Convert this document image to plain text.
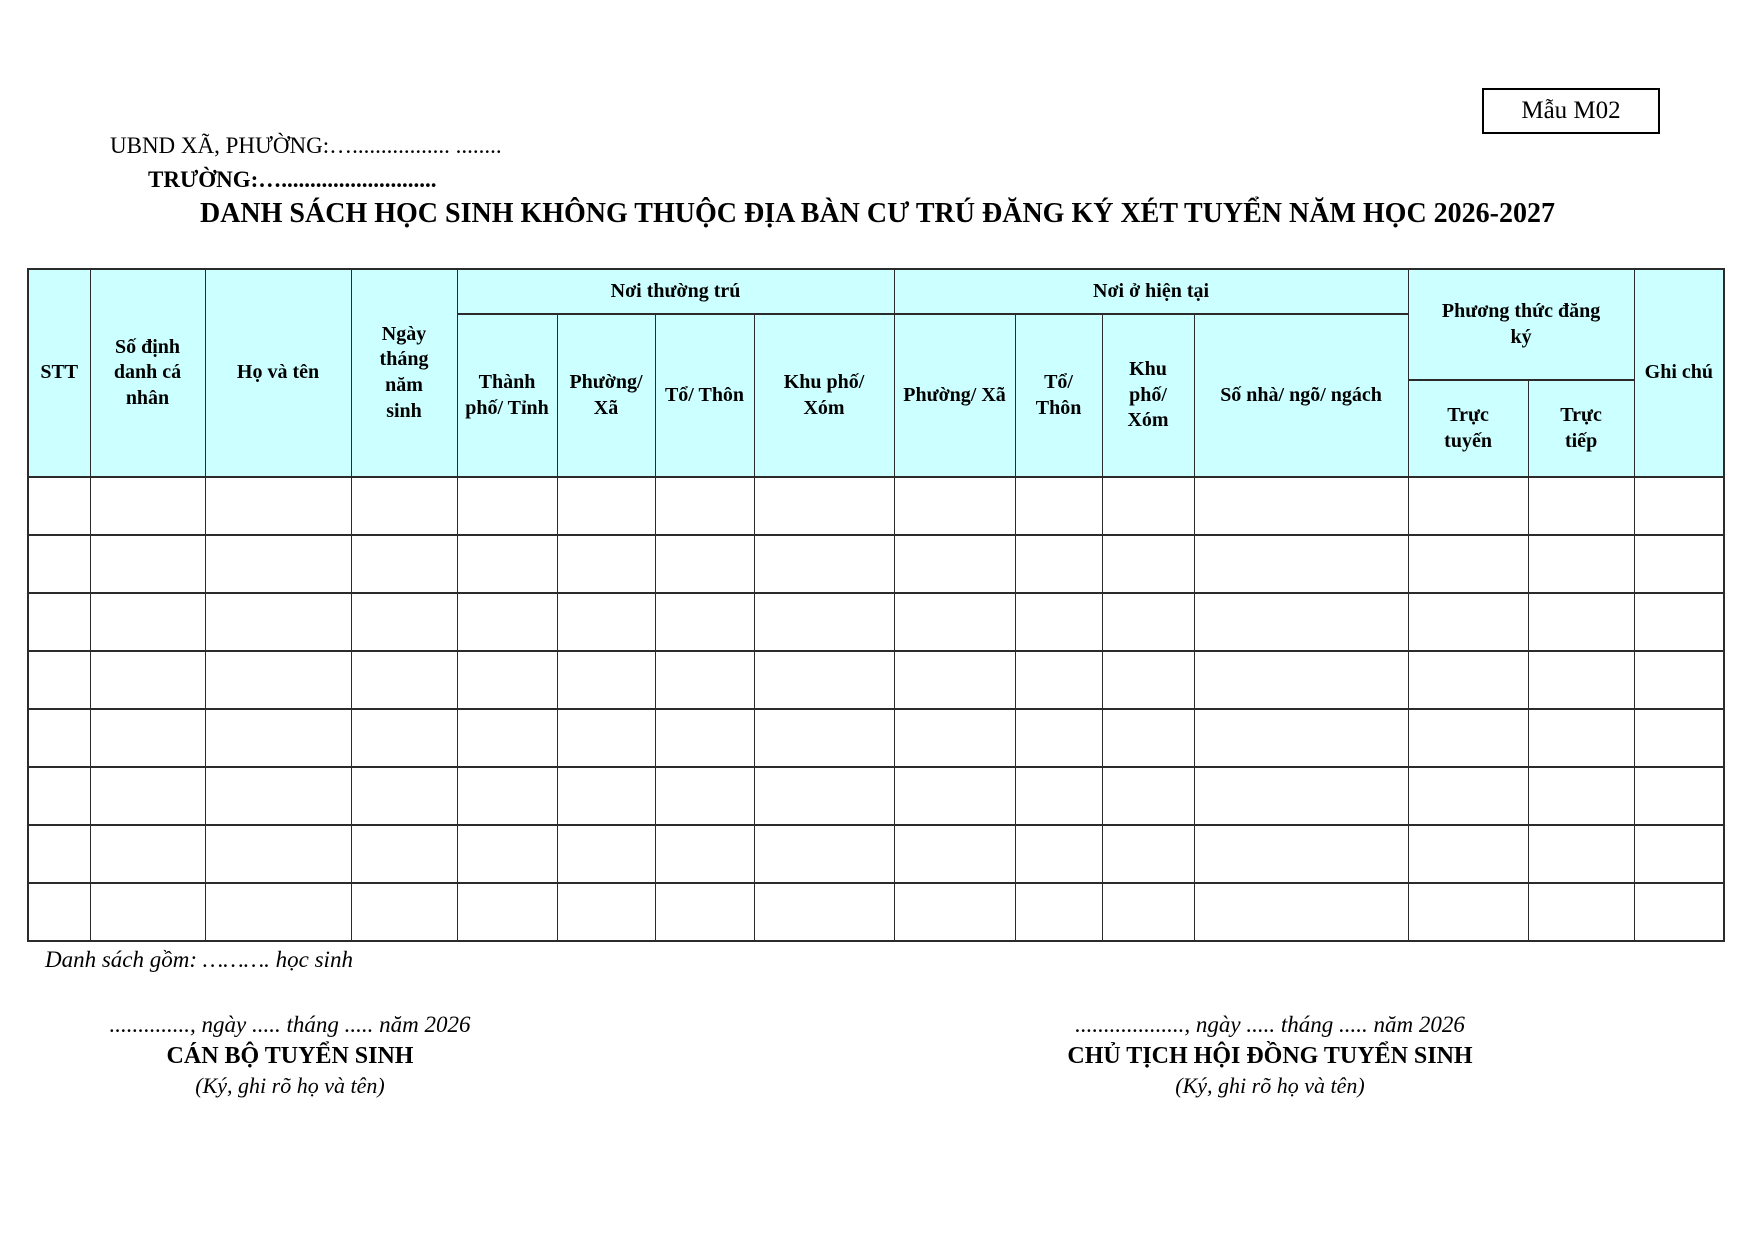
Mẫu M02
UBND XÃ, PHƯỜNG:…................. ........
TRƯỜNG:…...........................
DANH SÁCH HỌC SINH KHÔNG THUỘC ĐỊA BÀN CƯ TRÚ ĐĂNG KÝ XÉT TUYỂN NĂM HỌC 2026-2027
STT	Số định danh cá nhân	Họ và tên	Ngày tháng năm sinh	Nơi thường trú				Nơi ở hiện tại				Phương thức đăng ký		Ghi chú
				Thành phố/ Tỉnh	Phường/ Xã	Tổ/ Thôn	Khu phố/ Xóm	Phường/ Xã	Tổ/ Thôn	Khu phố/ Xóm	Số nhà/ ngõ/ ngách			
												Trực tuyến	Trực tiếp	

Danh sách gồm: ………. học sinh
.............., ngày ..... tháng ..... năm 2026
CÁN BỘ TUYỂN SINH
(Ký, ghi rõ họ và tên)
..................., ngày ..... tháng ..... năm 2026
CHỦ TỊCH HỘI ĐỒNG TUYỂN SINH
(Ký, ghi rõ họ và tên)
